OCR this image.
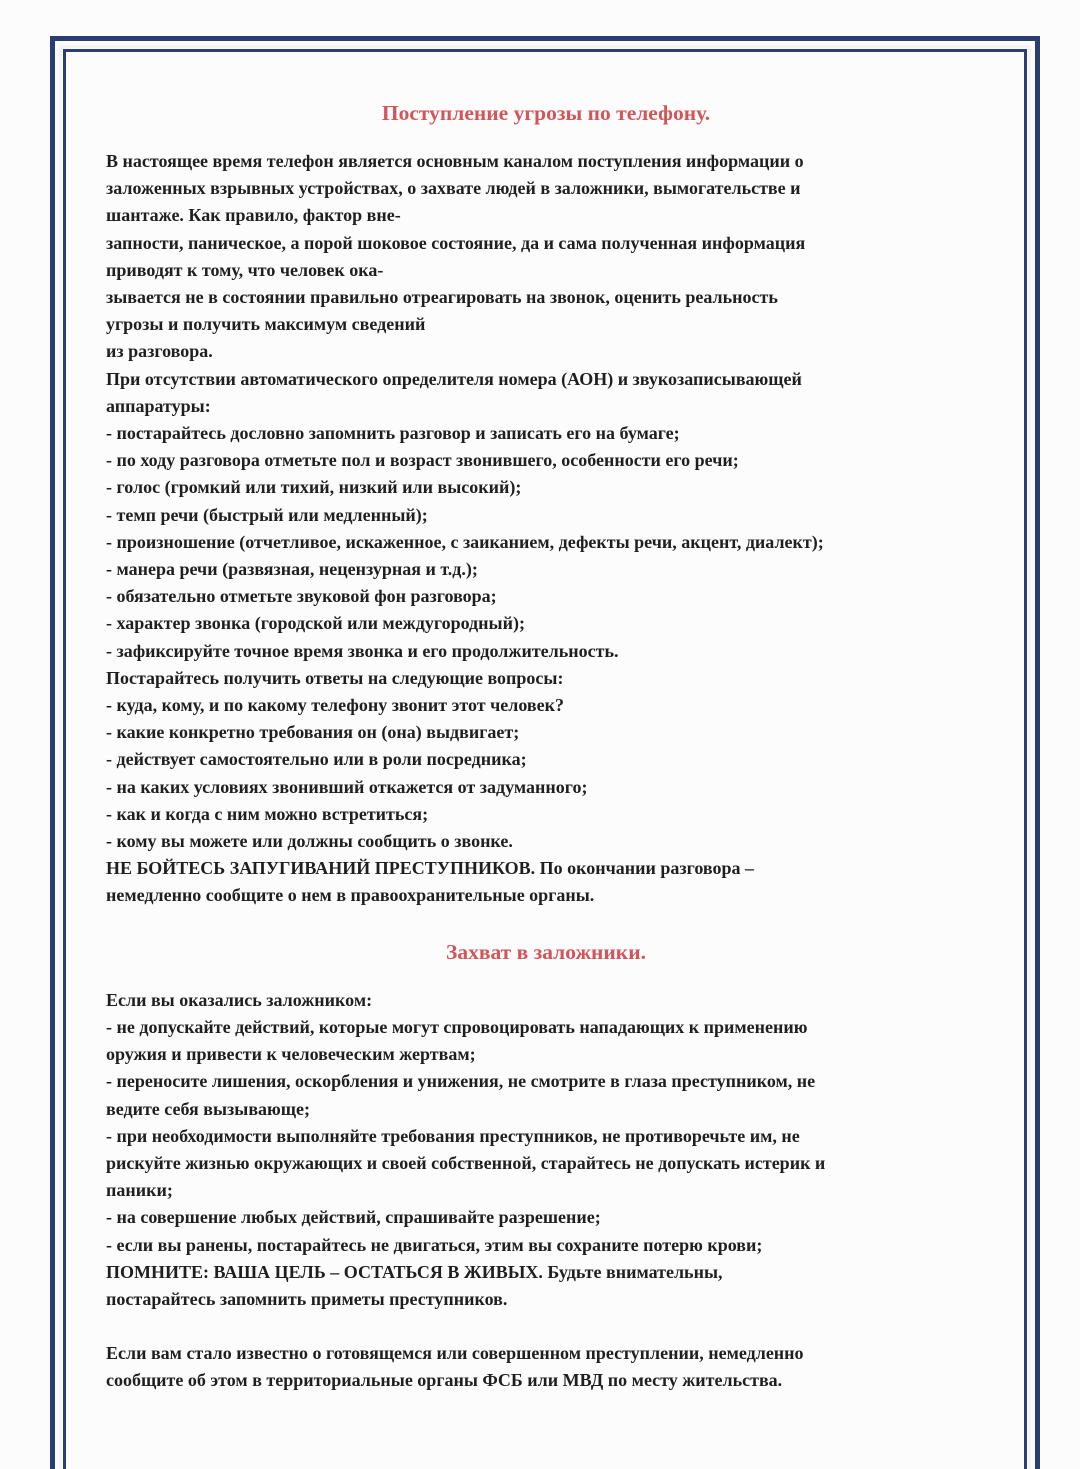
Поступление угрозы по телефону.

В настоящее время телефон является основным каналом поступления информации о

заложенных взрывных устройствах, о захвате людей в заложники, вымогательстве и

шантаже. Как правило, фактор вне-

запности, паническое, а порой шоковое состояние, да и сама полученная информация

приводят к тому, что человек ока-

зывается не в состоянии правильно отреагировать на звонок, оценить реальность

угрозы и получить максимум сведений

из разговора.

При отсутствии автоматического определителя номера (АОН) и звукозаписывающей

аппаратуры:

- постарайтесь дословно запомнить разговор и записать его на бумаге;

- по ходу разговора отметьте пол и возраст звонившего, особенности его речи;

- голос (громкий или тихий, низкий или высокий);

- темп речи (быстрый или медленный);

- произношение (отчетливое, искаженное, с заиканием, дефекты речи, акцент, диалект);

- манера речи (развязная, нецензурная и т.д.);

- обязательно отметьте звуковой фон разговора;

- характер звонка (городской или междугородный);

- зафиксируйте точное время звонка и его продолжительность.

Постарайтесь получить ответы на следующие вопросы:

- куда, кому, и по какому телефону звонит этот человек?

- какие конкретно требования он (она) выдвигает;

- действует самостоятельно или в роли посредника;

- на каких условиях звонивший откажется от задуманного;

- как и когда с ним можно встретиться;

- кому вы можете или должны сообщить о звонке.

НЕ БОЙТЕСЬ ЗАПУГИВАНИЙ ПРЕСТУПНИКОВ. По окончании разговора –

немедленно сообщите о нем в правоохранительные органы.

Захват в заложники.

Если вы оказались заложником:

- не допускайте действий, которые могут спровоцировать нападающих к применению

оружия и привести к человеческим жертвам;

- переносите лишения, оскорбления и унижения, не смотрите в глаза преступником, не

ведите себя вызывающе;

- при необходимости выполняйте требования преступников, не противоречьте им, не

рискуйте жизнью окружающих и своей собственной, старайтесь не допускать истерик и

паники;

- на совершение любых действий, спрашивайте разрешение;

- если вы ранены, постарайтесь не двигаться, этим вы сохраните потерю крови;

ПОМНИТЕ: ВАША ЦЕЛЬ – ОСТАТЬСЯ В ЖИВЫХ. Будьте внимательны,

постарайтесь запомнить приметы преступников.

Если вам стало известно о готовящемся или совершенном преступлении, немедленно

сообщите об этом в территориальные органы ФСБ или МВД по месту жительства.
